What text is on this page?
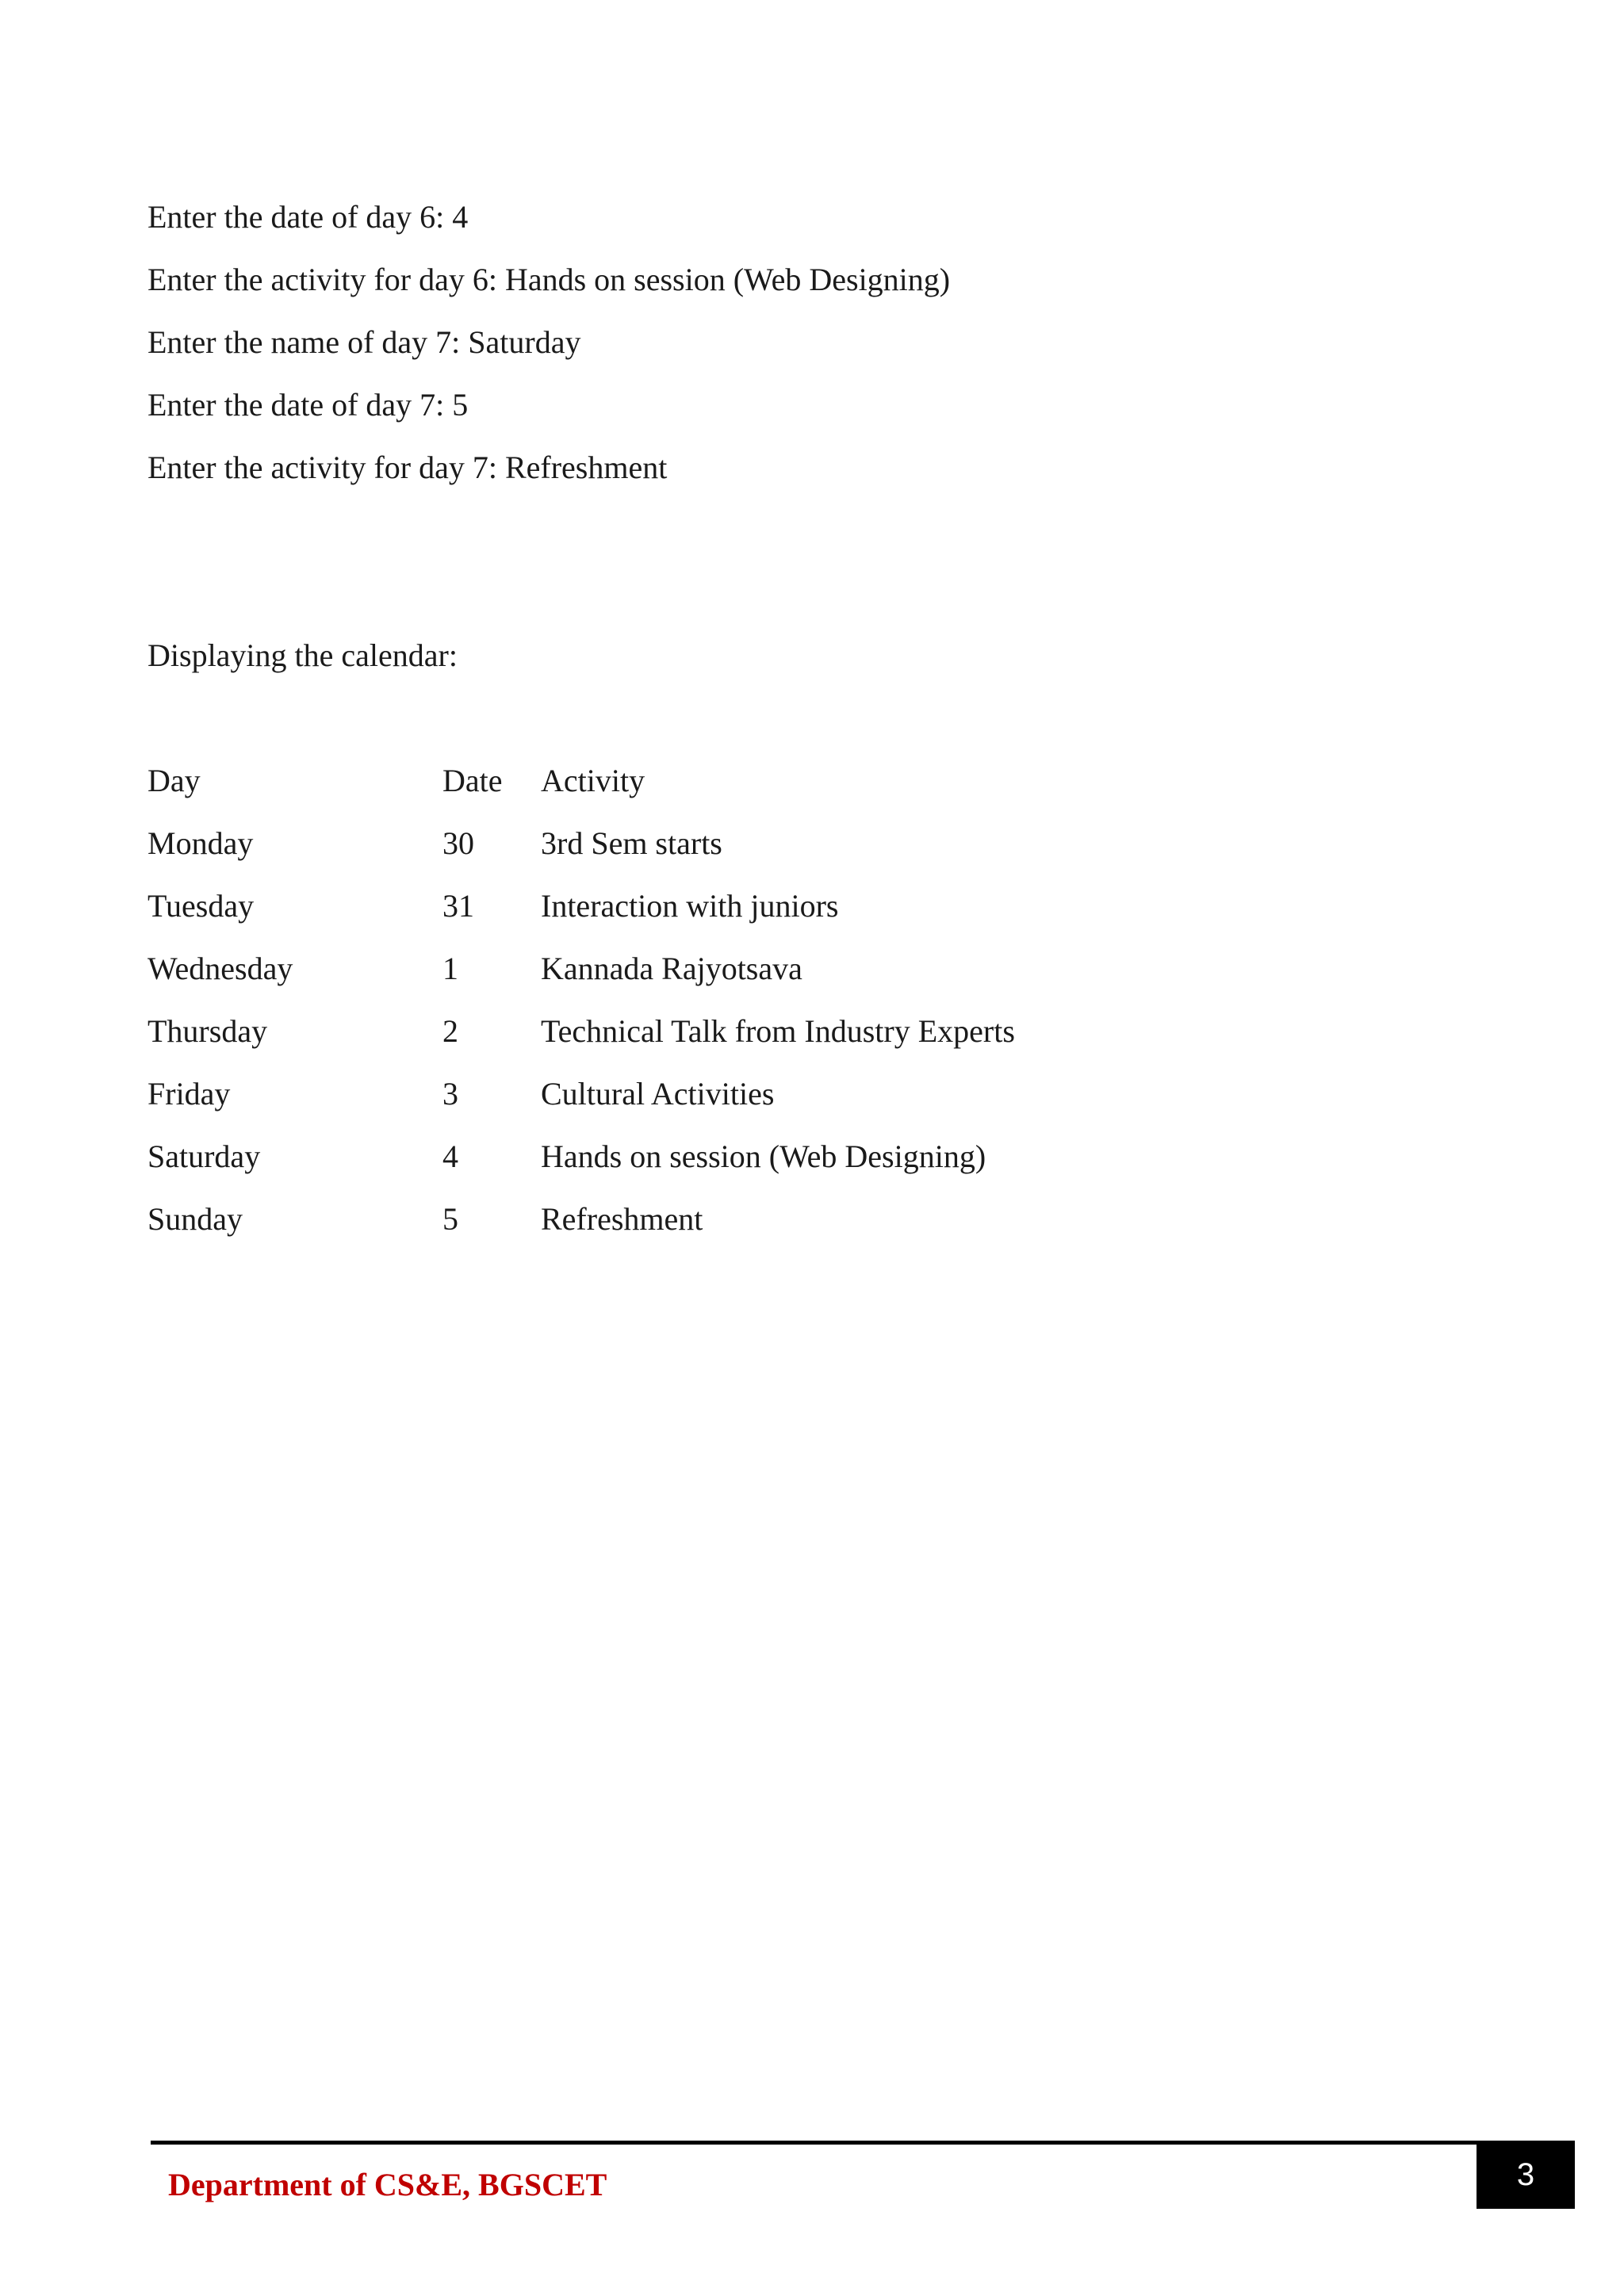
Enter the date of day 6: 4
Enter the activity for day 6: Hands on session (Web Designing)
Enter the name of day 7: Saturday
Enter the date of day 7: 5
Enter the activity for day 7: Refreshment
Displaying the calendar:
Day	Date Activity
Monday	30 3rd Sem starts
Tuesday	31 Interaction with juniors
Wednesday	1	Kannada Rajyotsava
Thursday	2	Technical Talk from Industry Experts
Friday	3	Cultural Activities
Saturday	4	Hands on session (Web Designing)
Sunday	5	Refreshment
Department of CS&E, BGSCET	3
